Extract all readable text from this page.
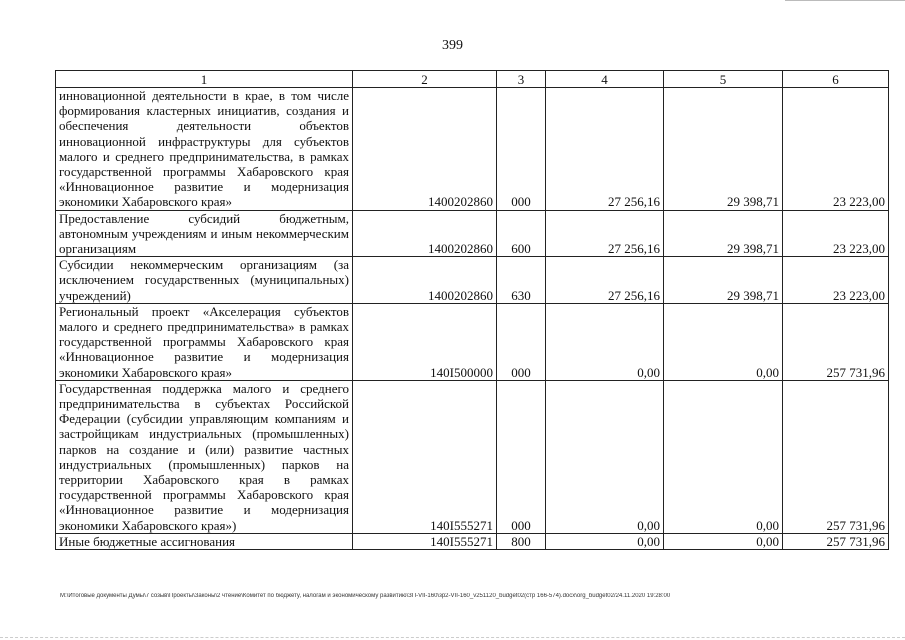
399
1	2	3	4	5	6
инновационной деятельности в крае, в том числе формирования кластерных инициатив, создания и обеспечения деятельности объектов инновационной инфраструктуры для субъектов малого и среднего предпринимательства, в рамках государственной программы Хабаровского края «Инновационное развитие и модернизация экономики Хабаровского края»	1400202860	000	27 256,16	29 398,71	23 223,00
Предоставление субсидий бюджетным, автономным учреждениям и иным некоммерческим организациям	1400202860	600	27 256,16	29 398,71	23 223,00
Субсидии некоммерческим организациям (за исключением государственных (муниципальных) учреждений)	1400202860	630	27 256,16	29 398,71	23 223,00
Региональный проект «Акселерация субъектов малого и среднего предпринимательства» в рамках государственной программы Хабаровского края «Инновационное развитие и модернизация экономики Хабаровского края»	140I500000	000	0,00	0,00	257 731,96
Государственная поддержка малого и среднего предпринимательства в субъектах Российской Федерации (субсидии управляющим компаниям и застройщикам индустриальных (промышленных) парков на создание и (или) развитие частных индустриальных (промышленных) парков на территории Хабаровского края в рамках государственной программы Хабаровского края «Инновационное развитие и модернизация экономики Хабаровского края»)	140I555271	000	0,00	0,00	257 731,96
Иные бюджетные ассигнования	140I555271	800	0,00	0,00	257 731,96
M:\Итоговые документы Думы\7 созыв\Проекты\Законы\2 чтение\Комитет по бюджету, налогам и экономическому развитию\ЗП-VII-160\зр2-VII-160_v251120_budget02(стр 166-574).docx\org_budget02/24.11.2020 19:28:00
